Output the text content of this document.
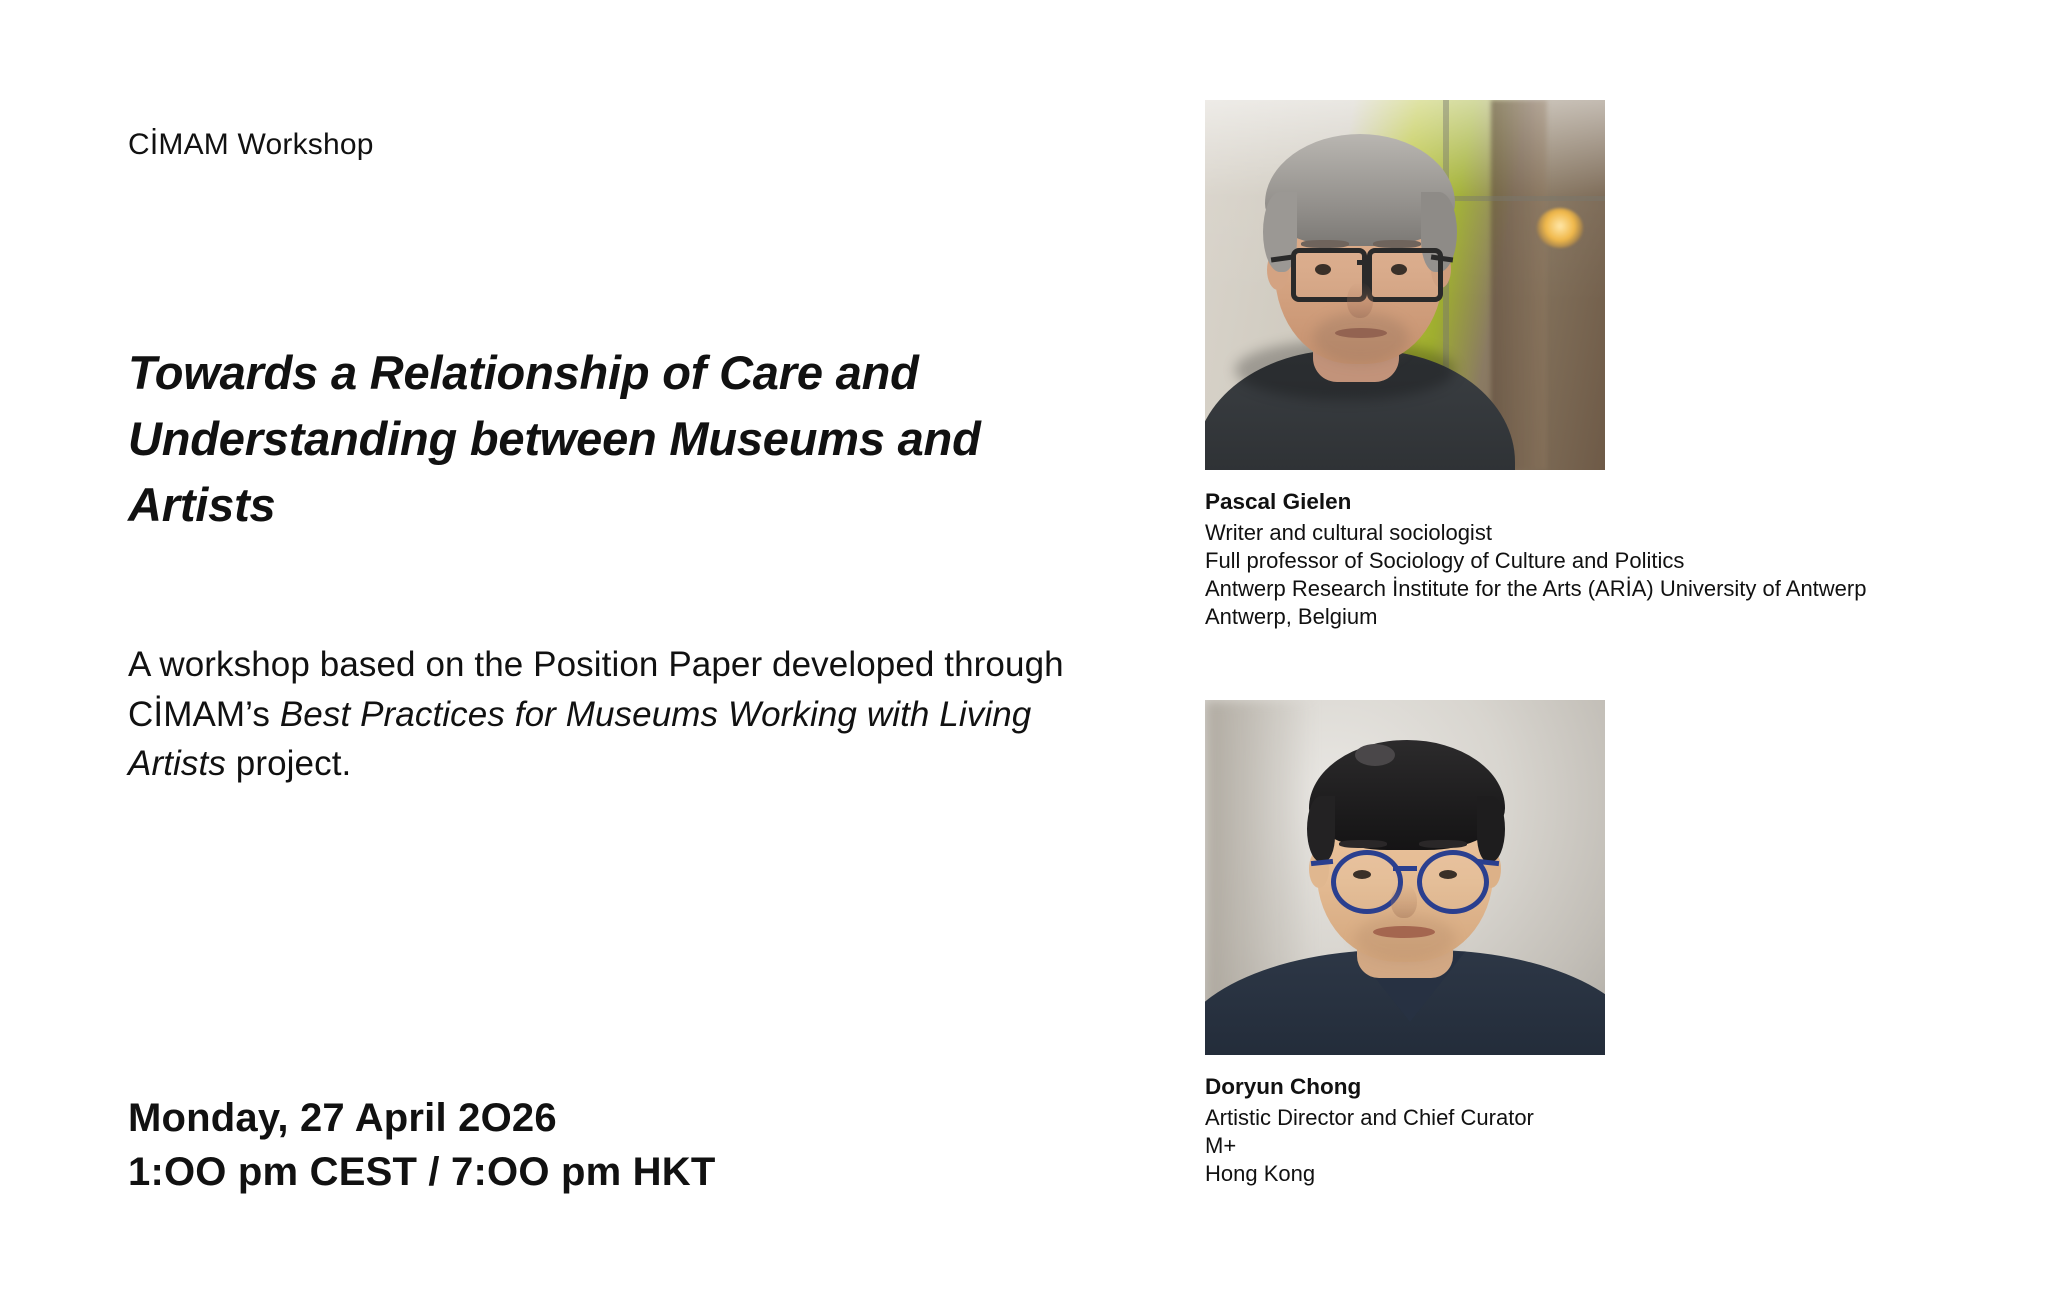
CİMAM Workshop
Towards a Relationship of Care and Understanding between Museums and Artists
A workshop based on the Position Paper developed through CİMAM’s Best Practices for Museums Working with Living Artists project.
Monday, 27 April 2O26
1:OO pm CEST / 7:OO pm HKT
Pascal Gielen
Writer and cultural sociologist
Full professor of Sociology of Culture and Politics
Antwerp Research İnstitute for the Arts (ARİA) University of Antwerp
Antwerp, Belgium
Doryun Chong
Artistic Director and Chief Curator
M+
Hong Kong
